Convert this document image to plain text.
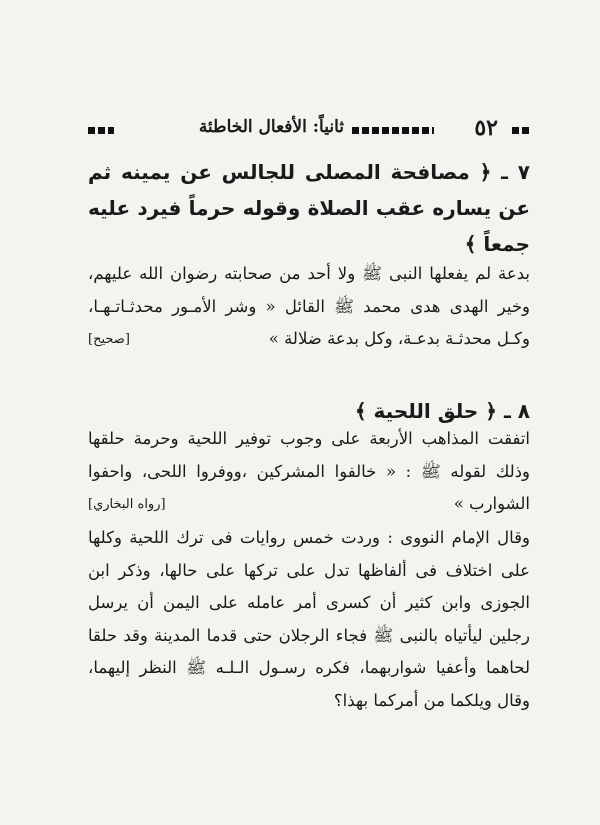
٥٢
ثانياً: الأفعال الخاطئة
٧ ـ ﴿ مصافحة المصلى للجالس عن يمينه ثم عن يساره عقب الصلاة وقوله حرماً فيرد عليه جمعاً ﴾
بدعة لم يفعلها النبى ﷺ ولا أحد من صحابته رضوان الله عليهم، وخير الهدى هدى محمد ﷺ القائل « وشر الأمـور محدثـاتـهـا، وكـل محدثـة بدعـة، وكل بدعة ضلالة »
[صحيح]
٨ ـ ﴿ حلق اللحية ﴾
اتفقت المذاهب الأربعة على وجوب توفير اللحية وحرمة حلقها وذلك لقوله ﷺ : « خالفوا المشركين ،ووفروا اللحى، واحفوا الشوارب »
[رواه البخاري]
وقال الإمام النووى : وردت خمس روايات فى ترك اللحية وكلها على اختلاف فى ألفاظها تدل على تركها على حالها، وذكر ابن الجوزى وابن كثير أن كسرى أمر عامله على اليمن أن يرسل رجلين ليأتياه بالنبى ﷺ فجاء الرجلان حتى قدما المدينة وقد حلقا لحاهما وأعفيا شواربهما، فكره رسـول الـلـه ﷺ النظر إليهما، وقال ويلكما من أمركما بهذا؟
